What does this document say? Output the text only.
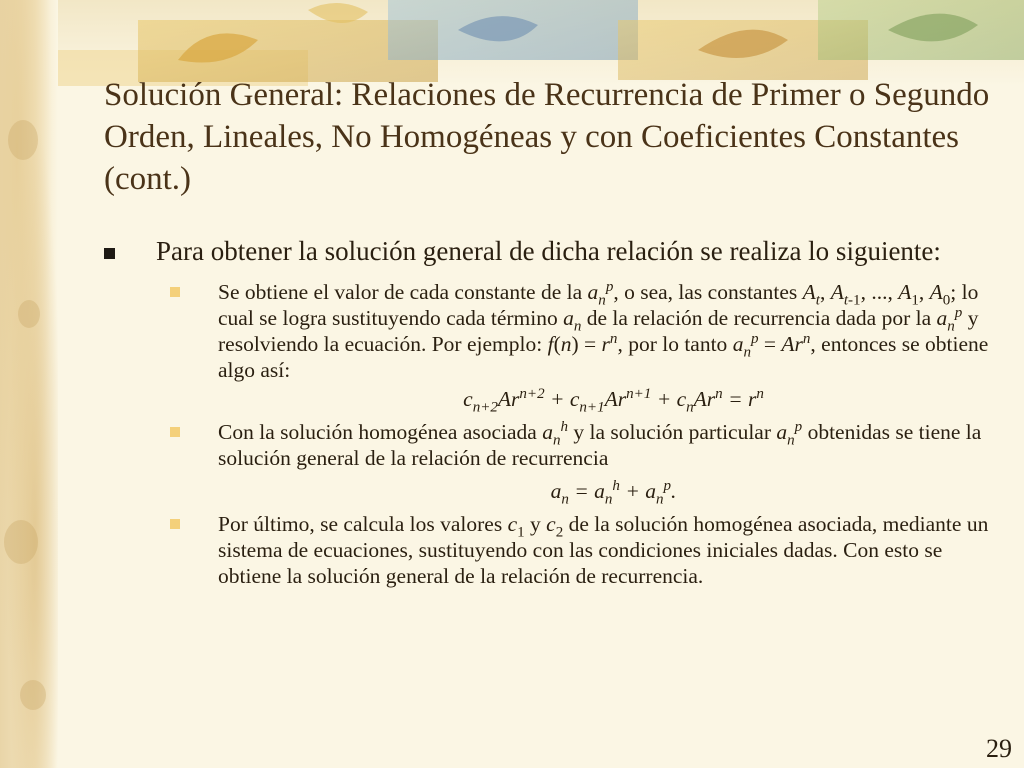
Solución General: Relaciones de Recurrencia de Primer o Segundo Orden, Lineales, No Homogéneas y con Coeficientes Constantes (cont.)
Para obtener la solución general de dicha relación se realiza lo siguiente:
Se obtiene el valor de cada constante de la $a_n^p$, o sea, las constantes $A_t$, $A_{t-1}$, ..., $A_1$, $A_0$; lo cual se logra sustituyendo cada término $a_n$ de la relación de recurrencia dada por la $a_n^p$ y resolviendo la ecuación. Por ejemplo: $f(n) = r^n$, por lo tanto $a_n^p = Ar^n$, entonces se obtiene algo así:
$c_{n+2}Ar^{n+2} + c_{n+1}Ar^{n+1} + c_nAr^n = r^n$
Con la solución homogénea asociada $a_n^h$ y la solución particular $a_n^p$ obtenidas se tiene la solución general de la relación de recurrencia
$a_n = a_n^h + a_n^p$.
Por último, se calcula los valores $c_1$ y $c_2$ de la solución homogénea asociada, mediante un sistema de ecuaciones, sustituyendo con las condiciones iniciales dadas. Con esto se obtiene la solución general de la relación de recurrencia.
29
